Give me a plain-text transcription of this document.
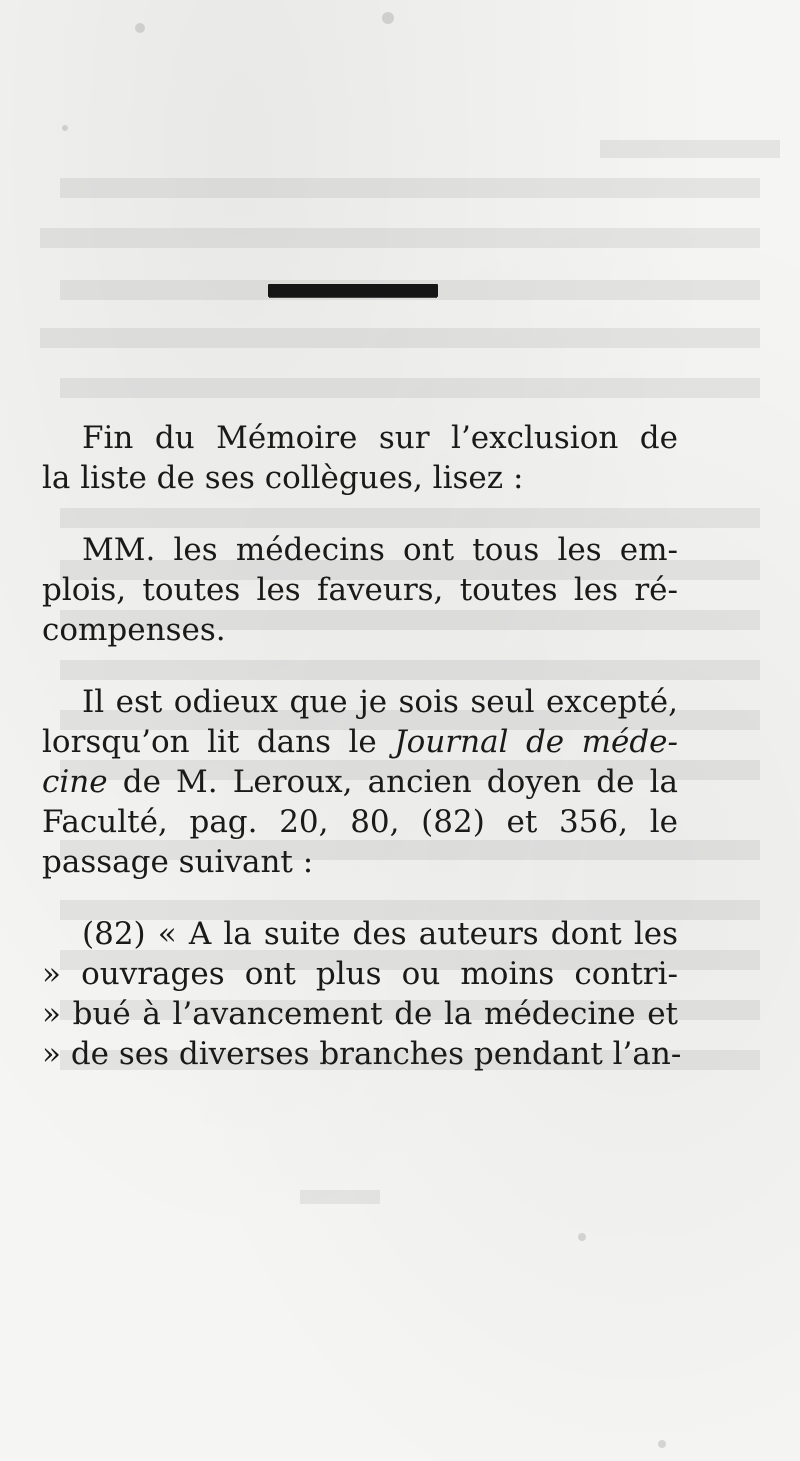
Fin du Mémoire sur l’exclusion de
la liste de ses collègues, lisez :

MM. les médecins ont tous les em-
plois, toutes les faveurs, toutes les ré-
compenses.

Il est odieux que je sois seul excepté,
lorsqu’on lit dans le Journal de méde-
cine de M. Leroux, ancien doyen de la
Faculté, pag. 20, 80, (82) et 356, le
passage suivant :

(82) « A la suite des auteurs dont les
» ouvrages ont plus ou moins contri-
» bué à l’avancement de la médecine et
» de ses diverses branches pendant l’an-
